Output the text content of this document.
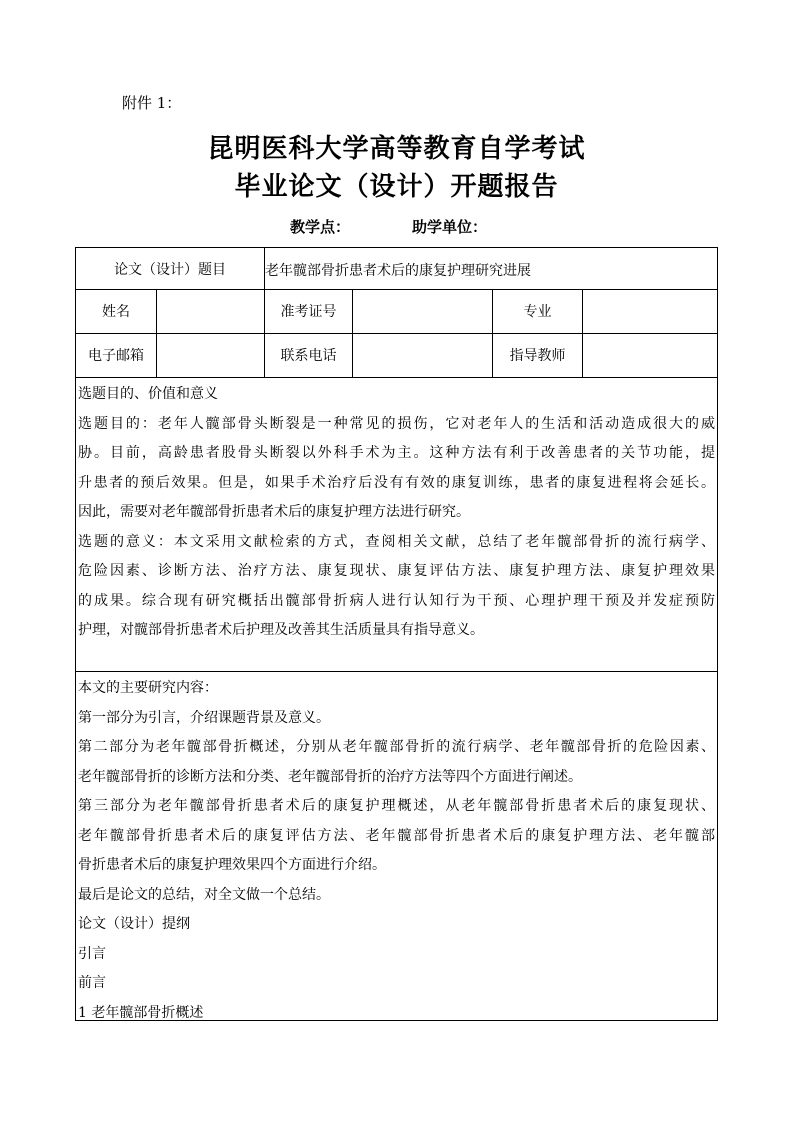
附件 1：
昆明医科大学高等教育自学考试
毕业论文（设计）开题报告
教学点：	助学单位：
论文（设计）题目	老年髋部骨折患者术后的康复护理研究进展
姓名	准考证号	专业
电子邮箱	联系电话	指导教师
选题目的、价值和意义
选题目的：老年人髋部骨头断裂是一种常见的损伤，它对老年人的生活和活动造成很大的威
胁。目前，高龄患者股骨头断裂以外科手术为主。这种方法有利于改善患者的关节功能，提
升患者的预后效果。但是，如果手术治疗后没有有效的康复训练，患者的康复进程将会延长。
因此，需要对老年髋部骨折患者术后的康复护理方法进行研究。
选题的意义：本文采用文献检索的方式，查阅相关文献，总结了老年髋部骨折的流行病学、
危险因素、诊断方法、治疗方法、康复现状、康复评估方法、康复护理方法、康复护理效果
的成果。综合现有研究概括出髋部骨折病人进行认知行为干预、心理护理干预及并发症预防
护理，对髋部骨折患者术后护理及改善其生活质量具有指导意义。
本文的主要研究内容：
第一部分为引言，介绍课题背景及意义。
第二部分为老年髋部骨折概述，分别从老年髋部骨折的流行病学、老年髋部骨折的危险因素、
老年髋部骨折的诊断方法和分类、老年髋部骨折的治疗方法等四个方面进行阐述。
第三部分为老年髋部骨折患者术后的康复护理概述，从老年髋部骨折患者术后的康复现状、
老年髋部骨折患者术后的康复评估方法、老年髋部骨折患者术后的康复护理方法、老年髋部
骨折患者术后的康复护理效果四个方面进行介绍。
最后是论文的总结，对全文做一个总结。
论文（设计）提纲
引言
前言
1 老年髋部骨折概述
